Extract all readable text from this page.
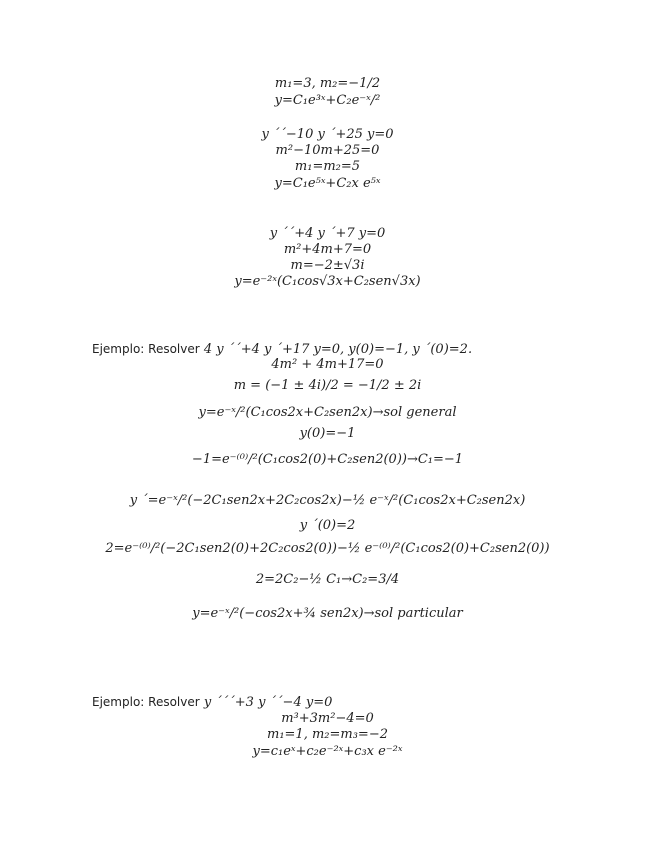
m₁=3, m₂=−1/2
y=C₁e³ˣ+C₂e⁻ˣ/²
y ´´−10 y ´+25 y=0
m²−10m+25=0
m₁=m₂=5
y=C₁e⁵ˣ+C₂x e⁵ˣ
y ´´+4 y ´+7 y=0
m²+4m+7=0
m=−2±√3i
y=e⁻²ˣ(C₁cos√3x+C₂sen√3x)
Ejemplo: Resolver 4 y ´´+4 y ´+17 y=0, y(0)=−1, y ´(0)=2.
4m² + 4m+17=0
m = (−1 ± 4i)/2 = −1/2 ± 2i
y=e⁻ˣ/²(C₁cos2x+C₂sen2x)→sol general
y(0)=−1
−1=e⁻⁽⁰⁾/²(C₁cos2(0)+C₂sen2(0))→C₁=−1
y ´=e⁻ˣ/²(−2C₁sen2x+2C₂cos2x)−½ e⁻ˣ/²(C₁cos2x+C₂sen2x)
y ´(0)=2
2=e⁻⁽⁰⁾/²(−2C₁sen2(0)+2C₂cos2(0))−½ e⁻⁽⁰⁾/²(C₁cos2(0)+C₂sen2(0))
2=2C₂−½ C₁→C₂=3/4
y=e⁻ˣ/²(−cos2x+¾ sen2x)→sol particular
Ejemplo: Resolver y ´´´+3 y ´´−4 y=0
m³+3m²−4=0
m₁=1, m₂=m₃=−2
y=c₁eˣ+c₂e⁻²ˣ+c₃x e⁻²ˣ
